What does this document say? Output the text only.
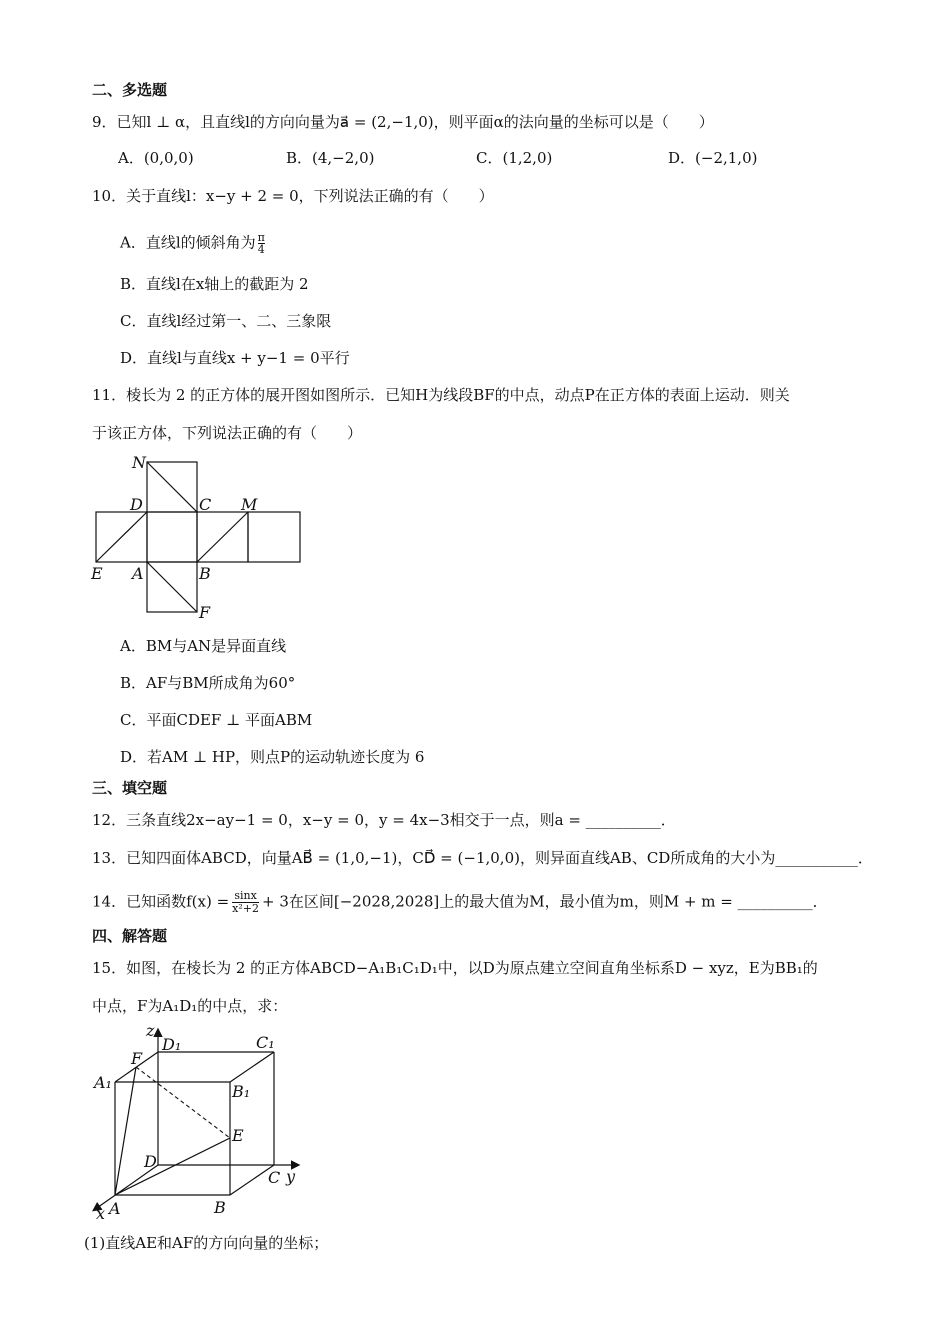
二、多选题
9．已知l ⊥ α，且直线l的方向向量为a⃗ = (2,−1,0)，则平面α的法向量的坐标可以是（　　）
A．(0,0,0)	B．(4,−2,0)	C．(1,2,0)	D．(−2,1,0)
10．关于直线l：x−y + 2 = 0，下列说法正确的有（　　）
A．直线l的倾斜角为 $\frac{\pi}{4}$
B．直线l在x轴上的截距为 2
C．直线l经过第一、二、三象限
D．直线l与直线x + y−1 = 0平行
11．棱长为 2 的正方体的展开图如图所示．已知H为线段BF的中点，动点P在正方体的表面上运动．则关
于该正方体，下列说法正确的有（　　）
N
D	C M
E A	B
F
A．BM与AN是异面直线
B．AF与BM所成角为60°
C．平面CDEF ⊥ 平面ABM
D．若AM ⊥ HP，则点P的运动轨迹长度为 6
三、填空题
12．三条直线2x−ay−1 = 0，x−y = 0，y = 4x−3相交于一点，则a = __________．
13．已知四面体ABCD，向量AB⃗ = (1,0,−1)，CD⃗ = (−1,0,0)，则异面直线AB、CD所成角的大小为___________．
14．已知函数$f(x) = \frac{\sin x}{\text{x²+2}} + 3$在区间[−2028,2028]上的最大值为M，最小值为m，则M + m = __________．
四、解答题
15．如图，在棱长为 2 的正方体ABCD−A₁B₁C₁D₁中，以D为原点建立空间直角坐标系D − xyz，E为BB₁的
中点，F为A₁D₁的中点，求：
z
D₁	C₁
F
A₁	B₁
E
D
C y
x A	B
(1)直线AE和AF的方向向量的坐标；
